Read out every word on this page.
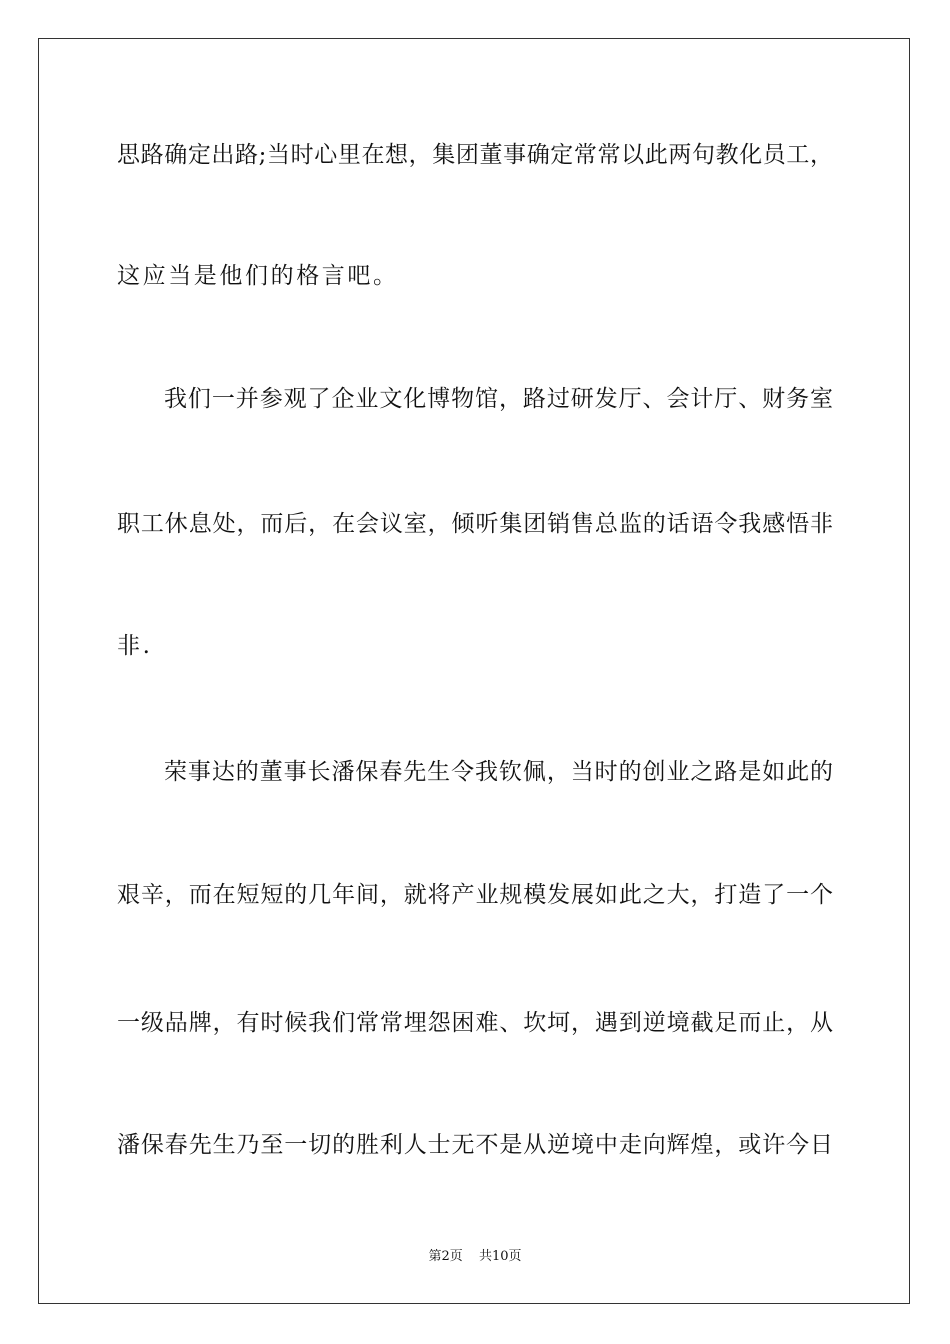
思路确定出路;当时心里在想，集团董事确定常常以此两句教化员工，
这应当是他们的格言吧。
我们一并参观了企业文化博物馆，路过研发厅、会计厅、财务室
职工休息处，而后，在会议室，倾听集团销售总监的话语令我感悟非
非.
荣事达的董事长潘保春先生令我钦佩，当时的创业之路是如此的
艰辛，而在短短的几年间，就将产业规模发展如此之大，打造了一个
一级品牌，有时候我们常常埋怨困难、坎坷，遇到逆境截足而止，从
潘保春先生乃至一切的胜利人士无不是从逆境中走向辉煌，或许今日
第2页 共10页
